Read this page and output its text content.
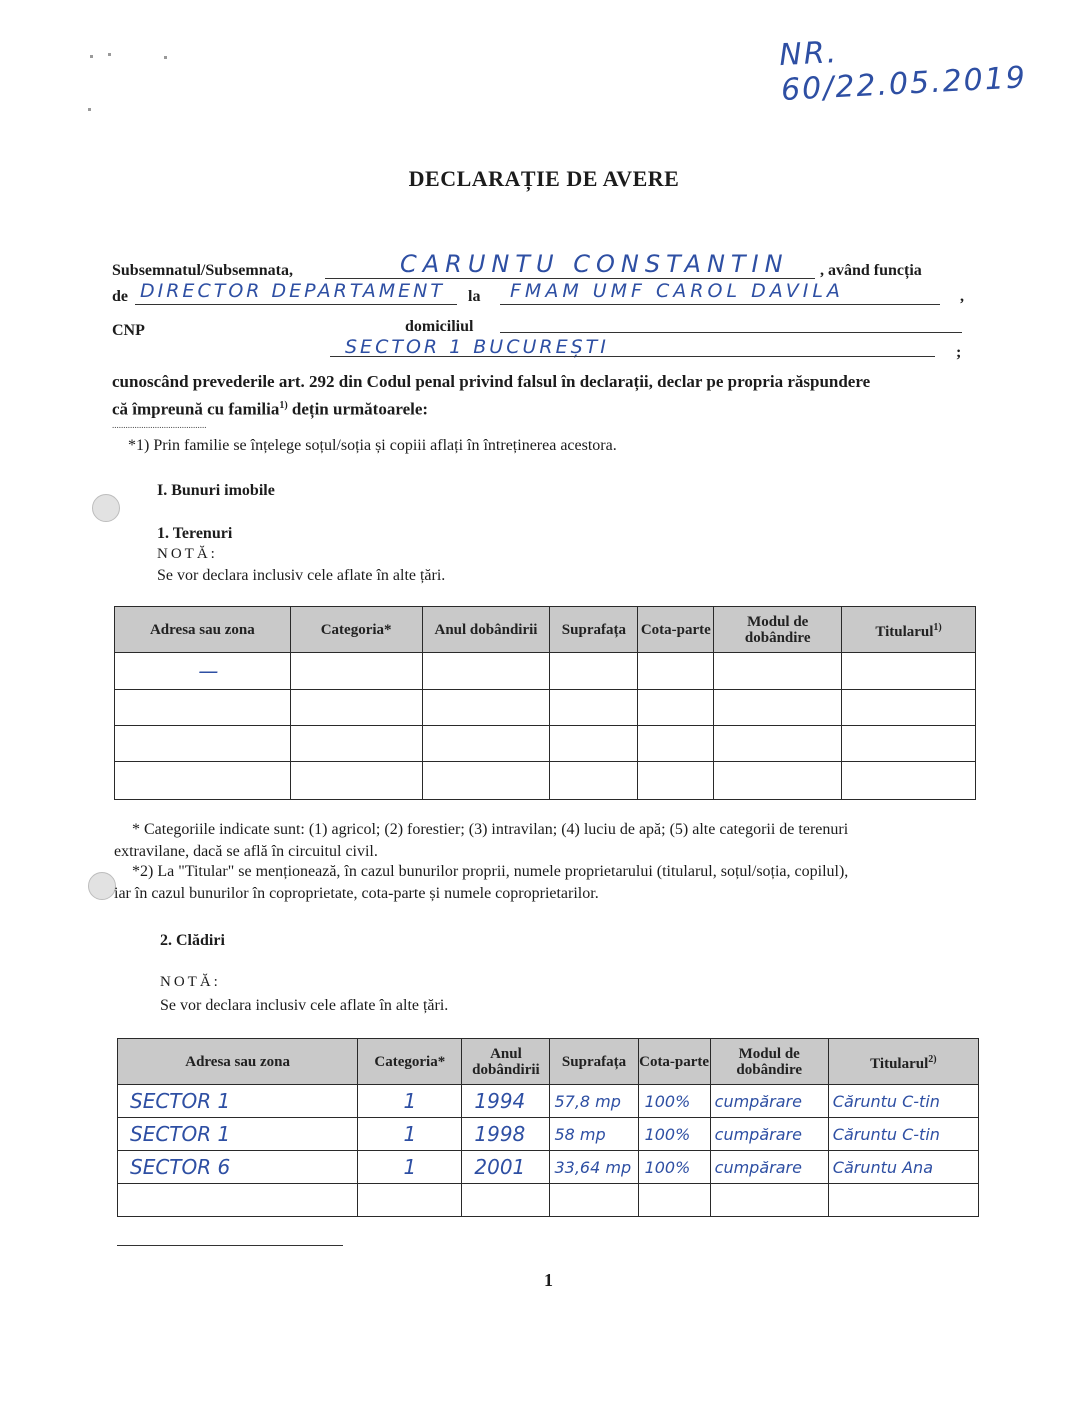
NR. 60/22.05.2019
DECLARAȚIE DE AVERE
Subsemnatul/Subsemnata,	CARUNTU CONSTANTIN , având funcția
de DIRECTOR DEPARTAMENT la FMAM UMF CAROL DAVILA	,
CNP	domiciliul
SECTOR 1 BUCUREȘTI	;
cunoscând prevederile art. 292 din Codul penal privind falsul în declarații, declar pe propria răspundere
că împreună cu familia$^{1)}$ dețin următoarele:
..........................................
*1) Prin familie se înțelege soțul/soția și copiii aflați în întreținerea acestora.
I. Bunuri imobile
1. Terenuri
NOTĂ:
Se vor declara inclusiv cele aflate în alte țări.
Adresa sau zona	Categoria*	Anul dobândirii	Suprafața	Cota-parte	Modul de dobândire	Titularul$^{1)}$
—						

* Categoriile indicate sunt: (1) agricol; (2) forestier; (3) intravilan; (4) luciu de apă; (5) alte categorii de terenuri
extravilane, dacă se află în circuitul civil.
*2) La "Titular" se menționează, în cazul bunurilor proprii, numele proprietarului (titularul, soțul/soția, copilul),
iar în cazul bunurilor în coproprietate, cota-parte și numele coproprietarilor.
2. Clădiri
NOTĂ:
Se vor declara inclusiv cele aflate în alte țări.
Adresa sau zona	Categoria*	Anul dobândirii	Suprafața	Cota-parte	Modul de dobândire	Titularul$^{2)}$
SECTOR 1	1	1994	57,8 mp	100%	cumpărare	Căruntu C-tin
SECTOR 1	1	1998	58 mp	100%	cumpărare	Căruntu C-tin
SECTOR 6	1	2001	33,64 mp	100%	cumpărare	Căruntu Ana

1
